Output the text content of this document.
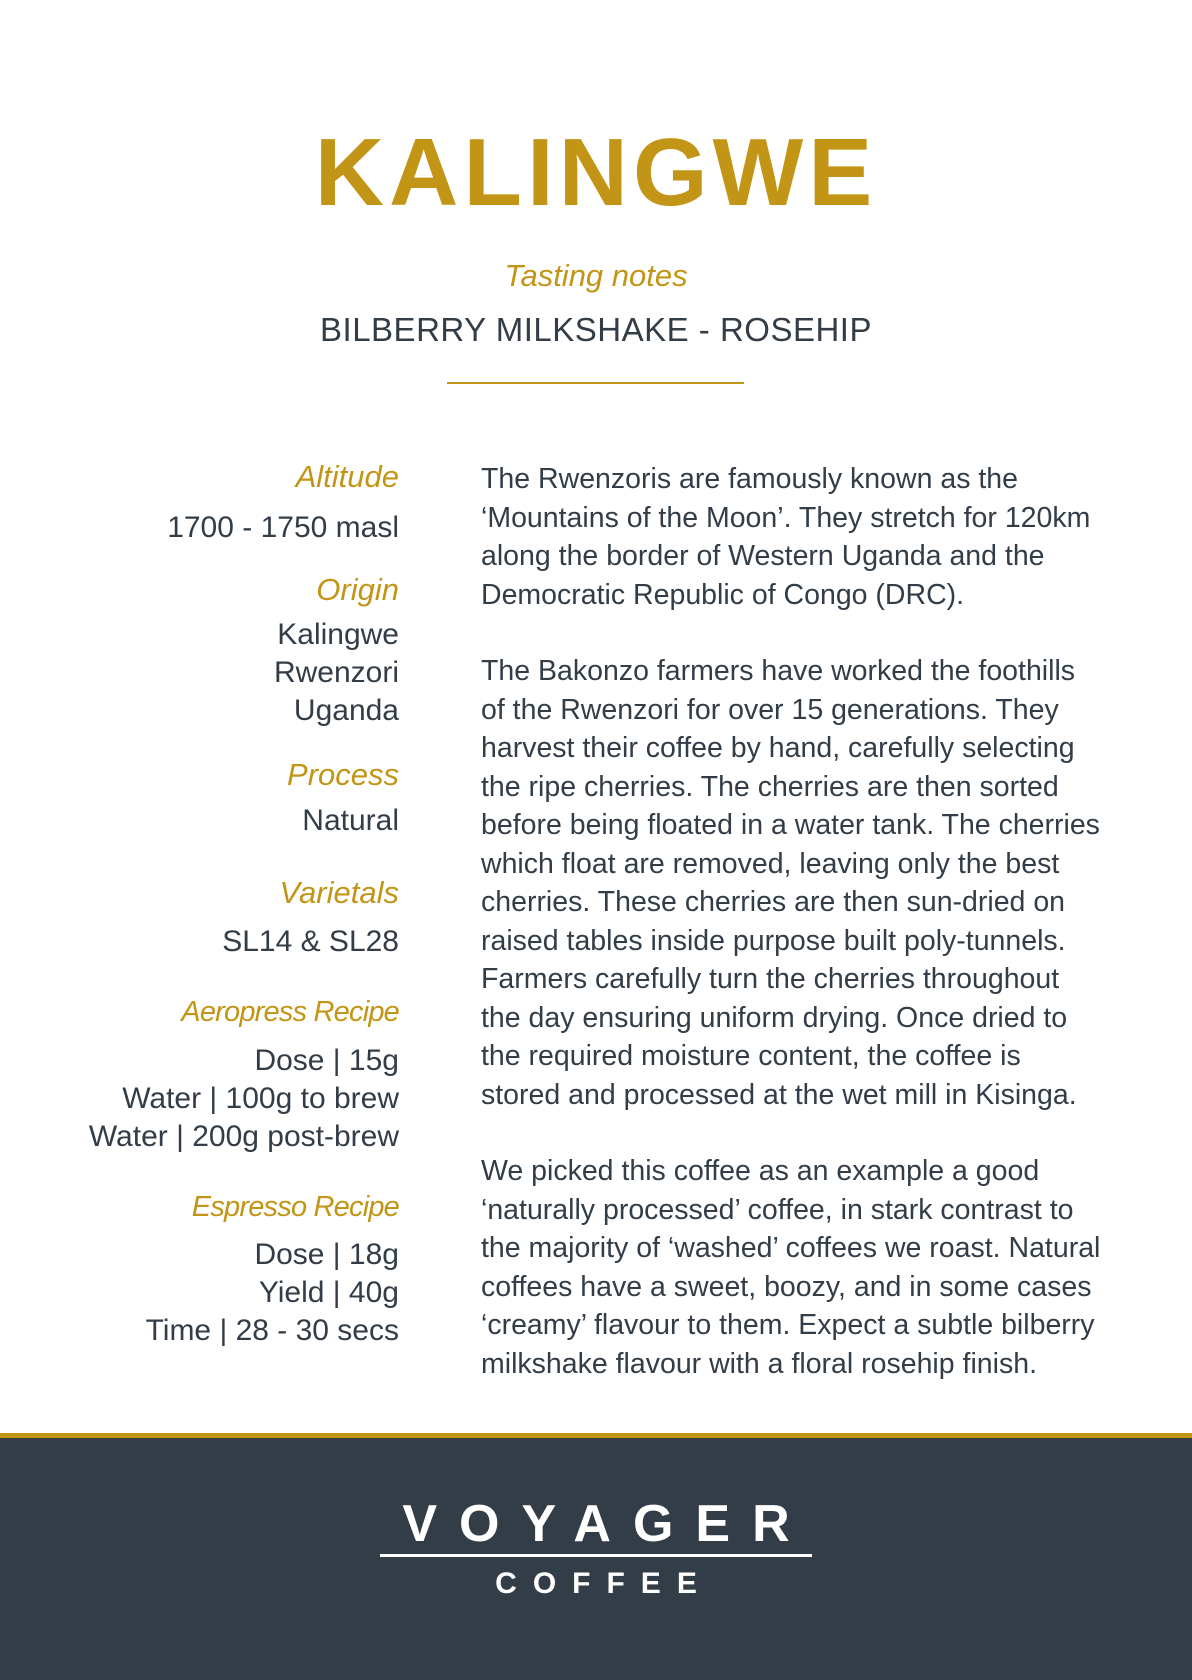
KALINGWE
Tasting notes
BILBERRY MILKSHAKE - ROSEHIP
Altitude
1700 - 1750 masl
Origin
Kalingwe
Rwenzori
Uganda
Process
Natural
Varietals
SL14 & SL28
Aeropress Recipe
Dose | 15g
Water | 100g to brew
Water | 200g post-brew
Espresso Recipe
Dose | 18g
Yield | 40g
Time | 28 - 30 secs

The Rwenzoris are famously known as the ‘Mountains of the Moon’. They stretch for 120km along the border of Western Uganda and the Democratic Republic of Congo (DRC).

The Bakonzo farmers have worked the foothills of the Rwenzori for over 15 generations. They harvest their coffee by hand, carefully selecting the ripe cherries. The cherries are then sorted before being floated in a water tank. The cherries which float are removed, leaving only the best cherries. These cherries are then sun-dried on raised tables inside purpose built poly-tunnels. Farmers carefully turn the cherries throughout the day ensuring uniform drying. Once dried to the required moisture content, the coffee is stored and processed at the wet mill in Kisinga.

We picked this coffee as an example a good ‘naturally processed’ coffee, in stark contrast to the majority of ‘washed’ coffees we roast. Natural coffees have a sweet, boozy, and in some cases ‘creamy’ flavour to them. Expect a subtle bilberry milkshake flavour with a floral rosehip finish.

VOYAGER
COFFEE
